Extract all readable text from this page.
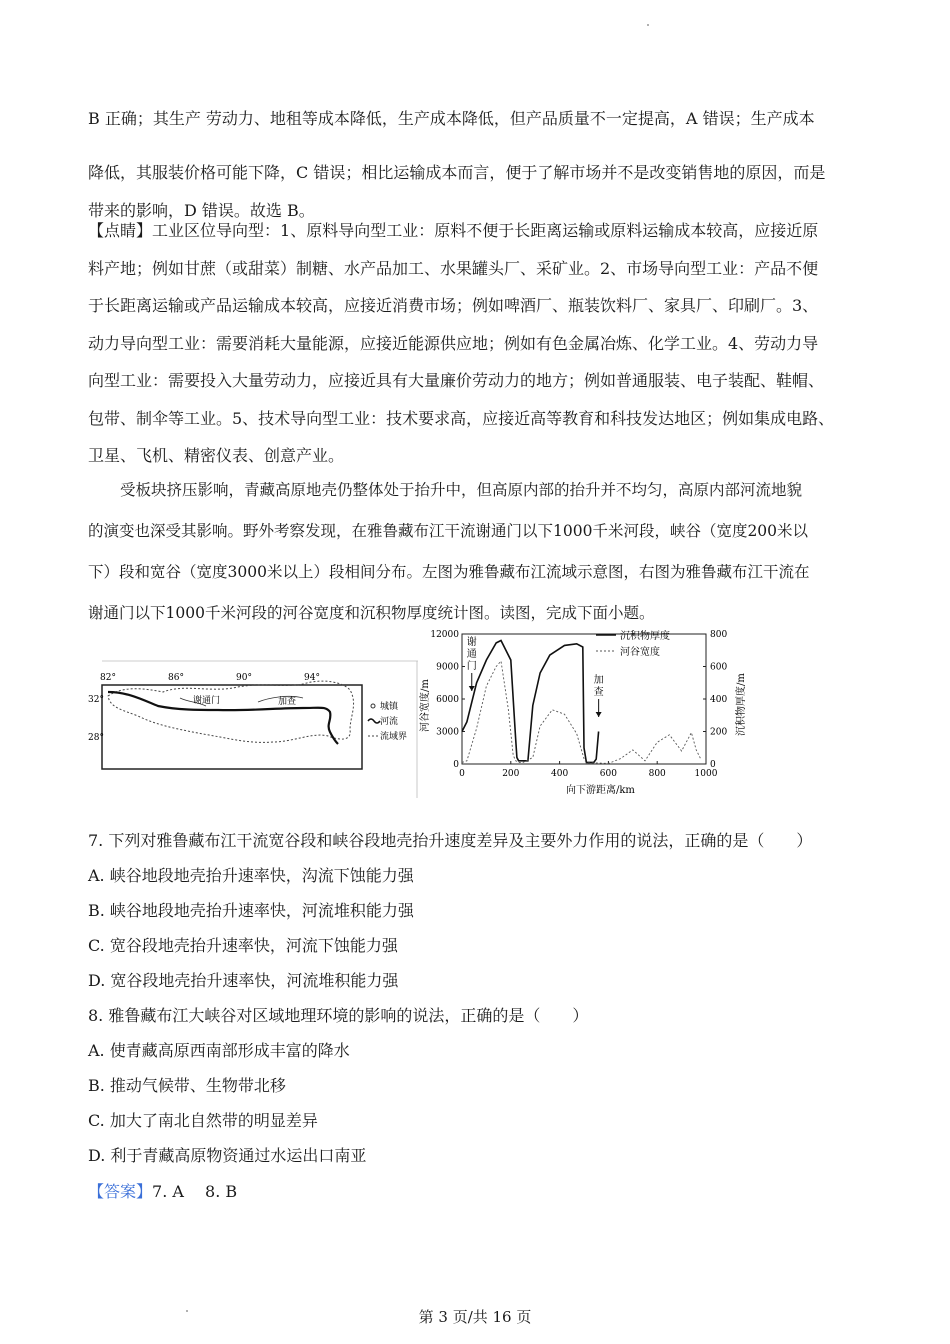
B 正确；其生产 劳动力、地租等成本降低，生产成本降低，但产品质量不一定提高，A 错误；生产成本
降低，其服装价格可能下降，C 错误；相比运输成本而言，便于了解市场并不是改变销售地的原因，而是
带来的影响，D 错误。故选 B。
【点睛】工业区位导向型：1、原料导向型工业：原料不便于长距离运输或原料运输成本较高，应接近原
料产地；例如甘蔗（或甜菜）制糖、水产品加工、水果罐头厂、采矿业。2、市场导向型工业：产品不便
于长距离运输或产品运输成本较高，应接近消费市场；例如啤酒厂、瓶装饮料厂、家具厂、印刷厂。3、
动力导向型工业：需要消耗大量能源，应接近能源供应地；例如有色金属冶炼、化学工业。4、劳动力导
向型工业：需要投入大量劳动力，应接近具有大量廉价劳动力的地方；例如普通服装、电子装配、鞋帽、
包带、制伞等工业。5、技术导向型工业：技术要求高，应接近高等教育和科技发达地区；例如集成电路、
卫星、飞机、精密仪表、创意产业。
受板块挤压影响，青藏高原地壳仍整体处于抬升中，但高原内部的抬升并不均匀，高原内部河流地貌
的演变也深受其影响。野外考察发现，在雅鲁藏布江干流谢通门以下1000千米河段，峡谷（宽度200米以
下）段和宽谷（宽度3000米以上）段相间分布。左图为雅鲁藏布江流域示意图，右图为雅鲁藏布江干流在
谢通门以下1000千米河段的河谷宽度和沉积物厚度统计图。读图，完成下面小题。
82°	86°	90°	94°
32°
28°
谢通门	加查	城镇
河流
流域界
0	200	400	600	800	1000
0
3000
6000
9000
12000
0
200
400
600
800
向下游距离/km
河谷宽度/m	沉积物厚度/m
沉积物厚度
河谷宽度
谢
通
门
加
查
7. 下列对雅鲁藏布江干流宽谷段和峡谷段地壳抬升速度差异及主要外力作用的说法，正确的是（　　）
A. 峡谷地段地壳抬升速率快，沟流下蚀能力强
B. 峡谷地段地壳抬升速率快，河流堆积能力强
C. 宽谷段地壳抬升速率快，河流下蚀能力强
D. 宽谷段地壳抬升速率快，河流堆积能力强
8. 雅鲁藏布江大峡谷对区域地理环境的影响的说法，正确的是（　　）
A. 使青藏高原西南部形成丰富的降水
B. 推动气候带、生物带北移
C. 加大了南北自然带的明显差异
D. 利于青藏高原物资通过水运出口南亚
【答案】7. A　 8. B
第 3 页/共 16 页
